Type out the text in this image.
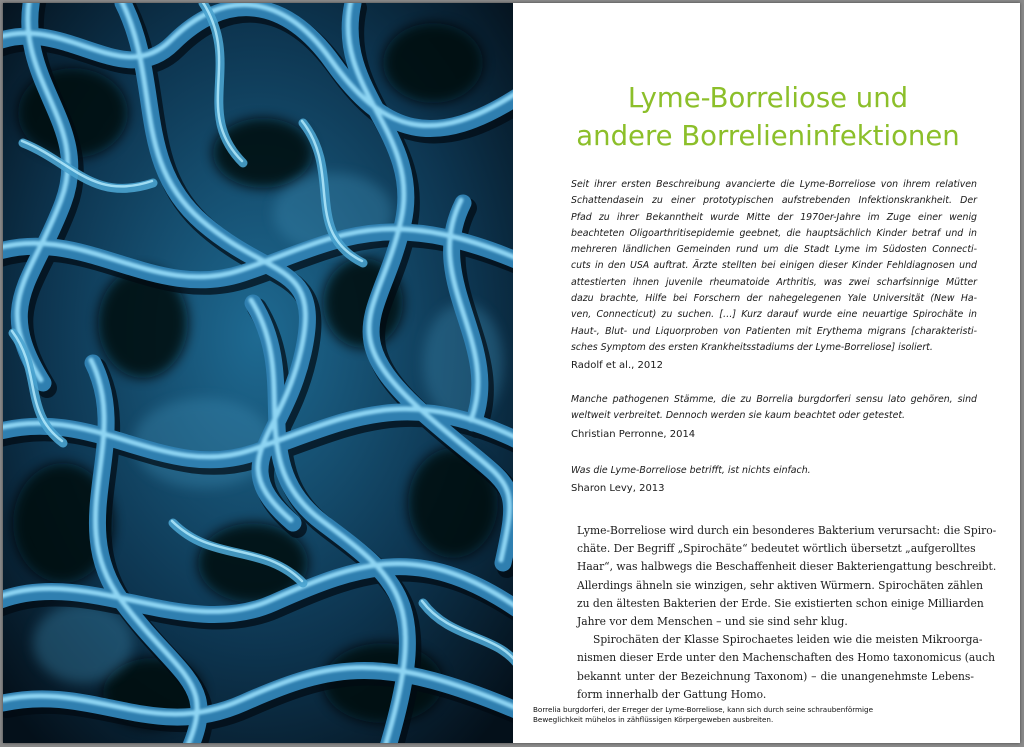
Borrelia burgdorferi, der Erreger der Lyme-Borreliose, kann sich durch seine schraubenförmige
Beweglichkeit mühelos in zähflüssigen Körpergeweben ausbreiten.
Lyme-Borreliose und
andere Borrelieninfektionen
Seit ihrer ersten Beschreibung avancierte die Lyme-Borreliose von ihrem relativen
Schattendasein zu einer prototypischen aufstrebenden Infektionskrankheit. Der
Pfad zu ihrer Bekanntheit wurde Mitte der 1970er-Jahre im Zuge einer wenig
beachteten Oligoarthritisepidemie geebnet, die hauptsächlich Kinder betraf und in
mehreren ländlichen Gemeinden rund um die Stadt Lyme im Südosten Connecti-
cuts in den USA auftrat. Ärzte stellten bei einigen dieser Kinder Fehldiagnosen und
attestierten ihnen juvenile rheumatoide Arthritis, was zwei scharfsinnige Mütter
dazu brachte, Hilfe bei Forschern der nahegelegenen Yale Universität (New Ha-
ven, Connecticut) zu suchen. […] Kurz darauf wurde eine neuartige Spirochäte in
Haut-, Blut- und Liquorproben von Patienten mit Erythema migrans [charakteristi-
sches Symptom des ersten Krankheitsstadiums der Lyme-Borreliose] isoliert.
Radolf et al., 2012
Manche pathogenen Stämme, die zu Borrelia burgdorferi sensu lato gehören, sind
weltweit verbreitet. Dennoch werden sie kaum beachtet oder getestet.
Christian Perronne, 2014
Was die Lyme-Borreliose betrifft, ist nichts einfach.
Sharon Levy, 2013
Lyme-Borreliose wird durch ein besonderes Bakterium verursacht: die Spiro-
chäte. Der Begriff „Spirochäte“ bedeutet wörtlich übersetzt „aufgerolltes
Haar“, was halbwegs die Beschaffenheit dieser Bakteriengattung beschreibt.
Allerdings ähneln sie winzigen, sehr aktiven Würmern. Spirochäten zählen
zu den ältesten Bakterien der Erde. Sie existierten schon einige Milliarden
Jahre vor dem Menschen – und sie sind sehr klug.
Spirochäten der Klasse Spirochaetes leiden wie die meisten Mikroorga-
nismen dieser Erde unter den Machenschaften des Homo taxonomicus (auch
bekannt unter der Bezeichnung Taxonom) – die unangenehmste Lebens-
form innerhalb der Gattung Homo.
